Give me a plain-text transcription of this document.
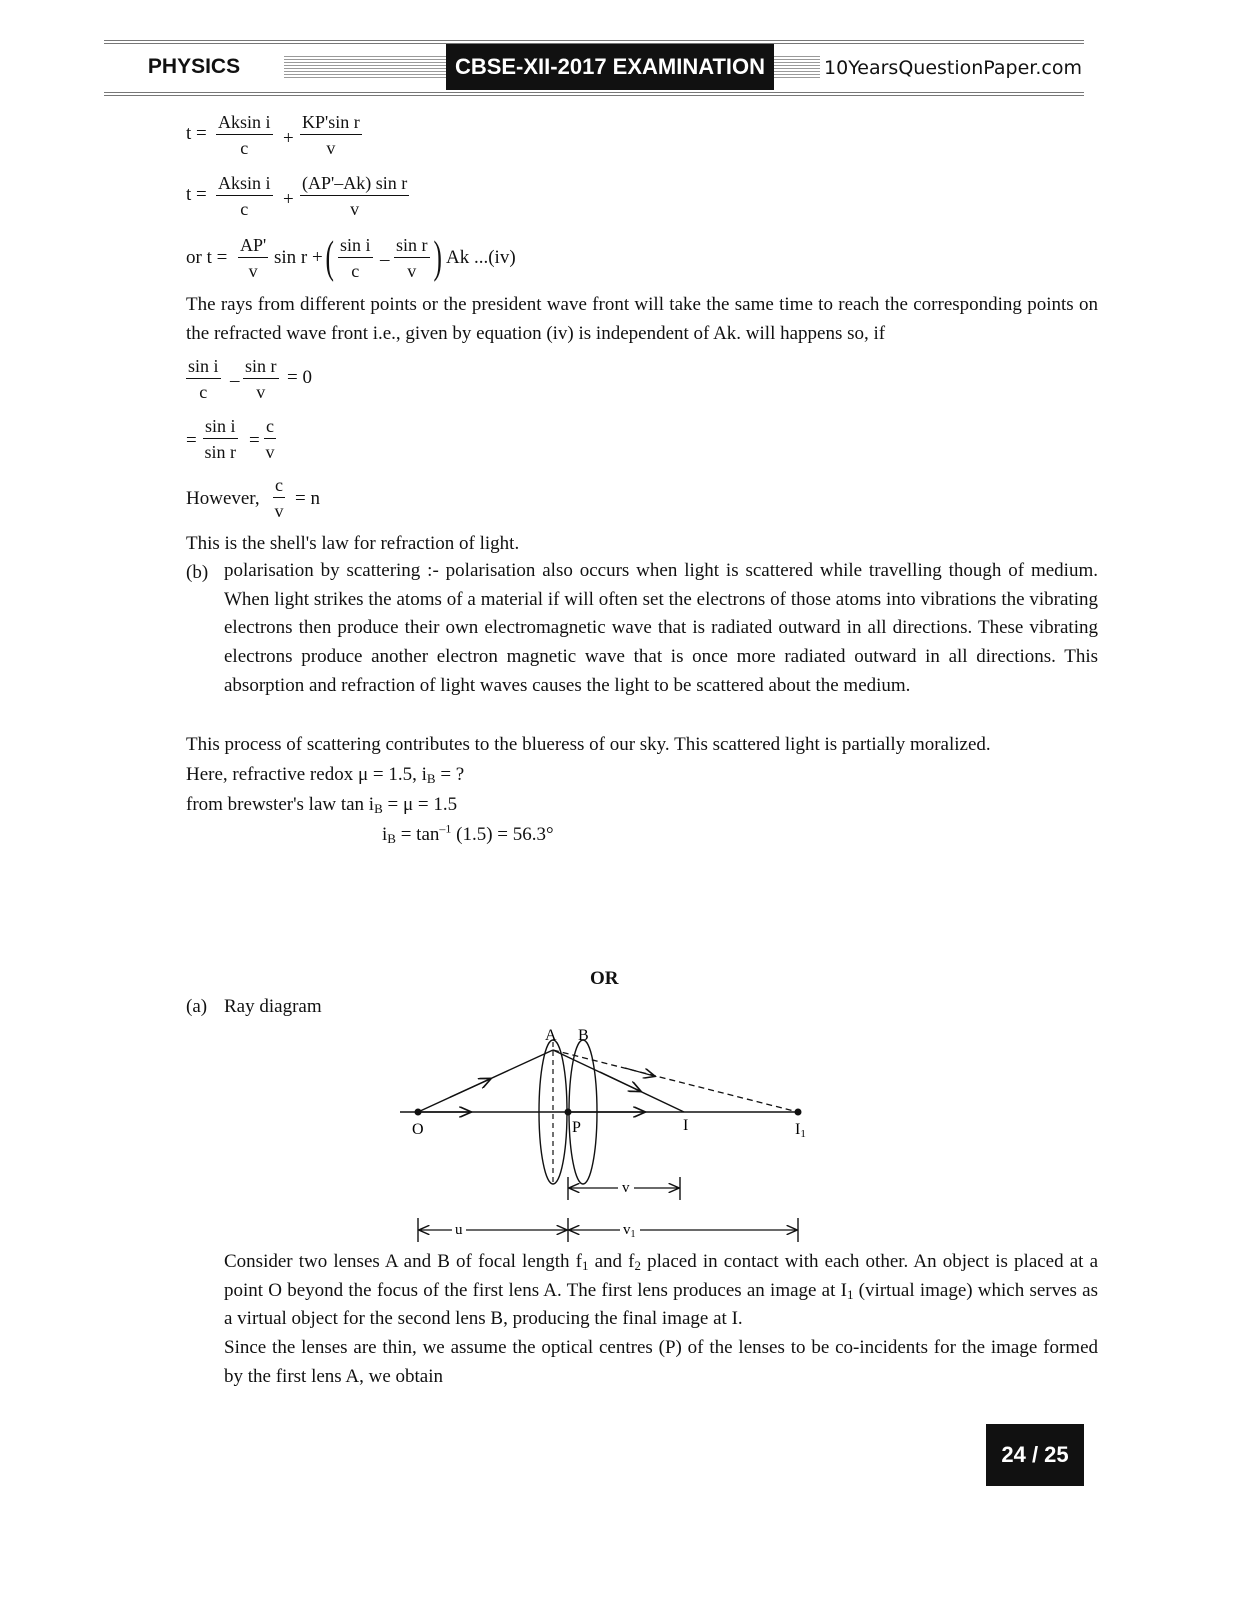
PHYSICS	CBSE-XII-2017 EXAMINATION	10YearsQuestionPaper.com
$t = \frac{\text{Aksin i}}{c} + \frac{\text{KP'sin r}}{v}$
$t = \frac{\text{Aksin i}}{c} + \frac{\text{(AP'–Ak) sin r}}{v}$
or $t = \frac{AP'}{v}$ sin r + ( $\frac{\text{sin i}}{c} - \frac{\text{sin r}}{v}$ ) Ak ...(iv)
The rays from different points or the president wave front will take the same time to reach the corresponding points on the refracted wave front i.e., given by equation (iv) is independent of Ak. will happens so, if
$\frac{\text{sin i}}{c} - \frac{\text{sin r}}{v} = 0$
= $\frac{\text{sin i}}{\text{sin r}} = \frac{c}{v}$
However, $\frac{c}{v} = n$
This is the shell's law for refraction of light.
(b) polarisation by scattering :- polarisation also occurs when light is scattered while travelling though of medium. When light strikes the atoms of a material if will often set the electrons of those atoms into vibrations the vibrating electrons then produce their own electromagnetic wave that is radiated outward in all directions. These vibrating electrons produce another electron magnetic wave that is once more radiated outward in all directions. This absorption and refraction of light waves causes the light to be scattered about the medium.
This process of scattering contributes to the blueress of our sky. This scattered light is partially moralized.
Here, refractive redox μ = 1.5, $i_B$ = ?
from brewster's law $\tan i_B = \mu = 1.5$
$i_B = \tan^{-1} (1.5) = 56.3^\circ$
OR
(a) Ray diagram
A B
O	P	I	I1
v
u	$v_1$
Consider two lenses A and B of focal length $f_1$ and $f_2$ placed in contact with each other. An object is placed at a point O beyond the focus of the first lens A. The first lens produces an image at $I_1$ (virtual image) which serves as a virtual object for the second lens B, producing the final image at I.
Since the lenses are thin, we assume the optical centres (P) of the lenses to be co-incidents for the image formed by the first lens A, we obtain
24 / 25
